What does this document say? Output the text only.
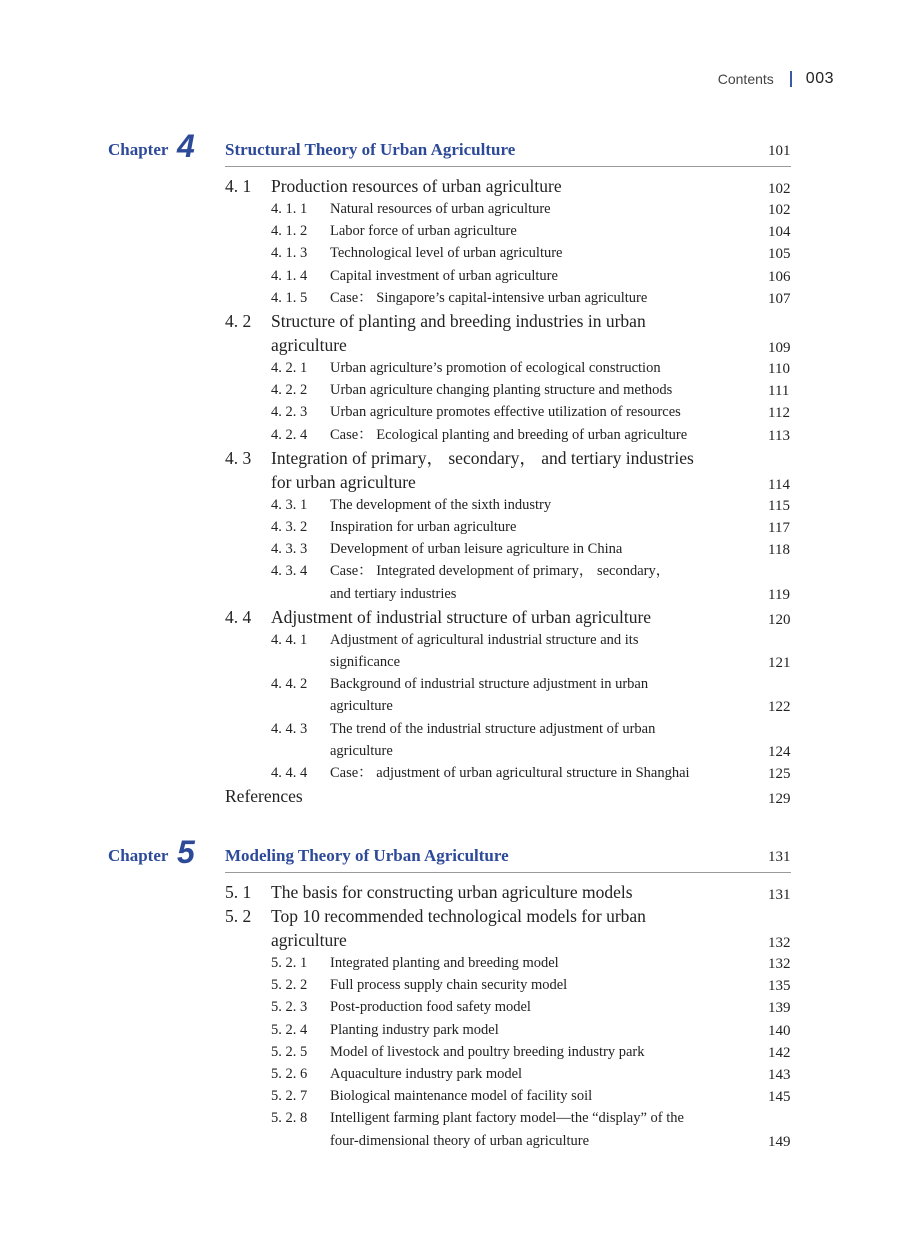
Contents 003
Chapter 4 Structural Theory of Urban Agriculture	101
4. 1 Production resources of urban agriculture	102
4. 1. 1 Natural resources of urban agriculture	102
4. 1. 2 Labor force of urban agriculture	104
4. 1. 3 Technological level of urban agriculture	105
4. 1. 4 Capital investment of urban agriculture	106
4. 1. 5 Case： Singapore’s capital-intensive urban agriculture	107
4. 2 Structure of planting and breeding industries in urban
agriculture	109
4. 2. 1 Urban agriculture’s promotion of ecological construction	110
4. 2. 2 Urban agriculture changing planting structure and methods	111
4. 2. 3 Urban agriculture promotes effective utilization of resources	112
4. 2. 4 Case： Ecological planting and breeding of urban agriculture	113
4. 3 Integration of primary， secondary， and tertiary industries
for urban agriculture	114
4. 3. 1 The development of the sixth industry	115
4. 3. 2 Inspiration for urban agriculture	117
4. 3. 3 Development of urban leisure agriculture in China	118
4. 3. 4 Case： Integrated development of primary， secondary，
and tertiary industries	119
4. 4 Adjustment of industrial structure of urban agriculture	120
4. 4. 1 Adjustment of agricultural industrial structure and its
significance	121
4. 4. 2 Background of industrial structure adjustment in urban
agriculture	122
4. 4. 3 The trend of the industrial structure adjustment of urban
agriculture	124
4. 4. 4 Case： adjustment of urban agricultural structure in Shanghai	125
References	129
Chapter 5 Modeling Theory of Urban Agriculture	131
5. 1 The basis for constructing urban agriculture models	131
5. 2 Top 10 recommended technological models for urban
agriculture	132
5. 2. 1 Integrated planting and breeding model	132
5. 2. 2 Full process supply chain security model	135
5. 2. 3 Post-production food safety model	139
5. 2. 4 Planting industry park model	140
5. 2. 5 Model of livestock and poultry breeding industry park	142
5. 2. 6 Aquaculture industry park model	143
5. 2. 7 Biological maintenance model of facility soil	145
5. 2. 8 Intelligent farming plant factory model—the “display” of the
four-dimensional theory of urban agriculture	149
